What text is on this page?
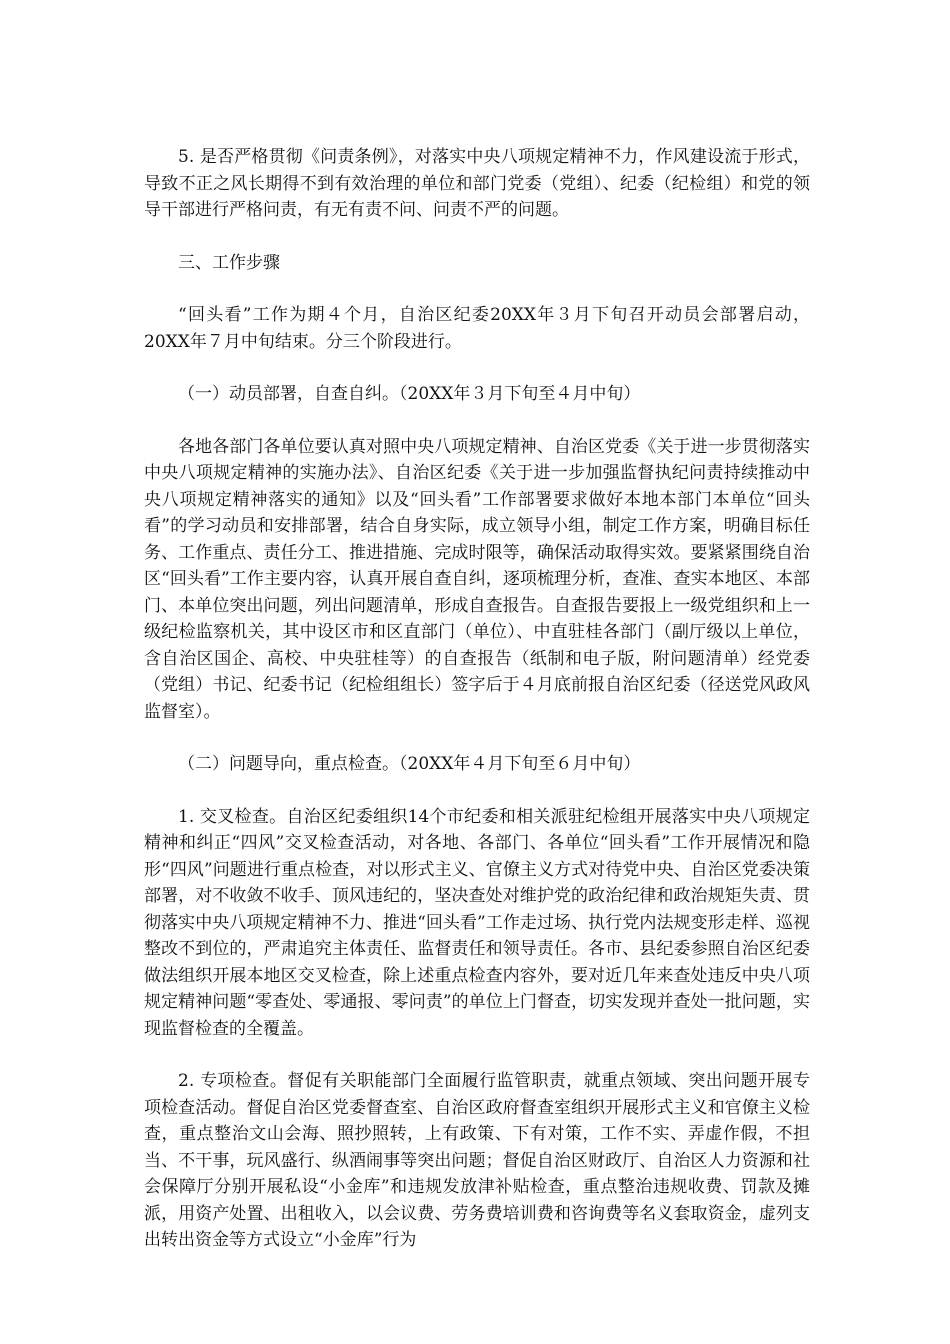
5. 是否严格贯彻《问责条例》，对落实中央八项规定精神不力，作风建设流于形式，导致不正之风长期得不到有效治理的单位和部门党委（党组）、纪委（纪检组）和党的领导干部进行严格问责，有无有责不问、问责不严的问题。

三、工作步骤

“回头看”工作为期４个月，自治区纪委20XX年３月下旬召开动员会部署启动，20XX年７月中旬结束。分三个阶段进行。

（一）动员部署，自查自纠。（20XX年３月下旬至４月中旬）

各地各部门各单位要认真对照中央八项规定精神、自治区党委《关于进一步贯彻落实中央八项规定精神的实施办法》、自治区纪委《关于进一步加强监督执纪问责持续推动中央八项规定精神落实的通知》以及“回头看”工作部署要求做好本地本部门本单位“回头看”的学习动员和安排部署，结合自身实际，成立领导小组，制定工作方案，明确目标任务、工作重点、责任分工、推进措施、完成时限等，确保活动取得实效。要紧紧围绕自治区“回头看”工作主要内容，认真开展自查自纠，逐项梳理分析，查准、查实本地区、本部门、本单位突出问题，列出问题清单，形成自查报告。自查报告要报上一级党组织和上一级纪检监察机关，其中设区市和区直部门（单位）、中直驻桂各部门（副厅级以上单位，含自治区国企、高校、中央驻桂等）的自查报告（纸制和电子版，附问题清单）经党委（党组）书记、纪委书记（纪检组组长）签字后于４月底前报自治区纪委（径送党风政风监督室）。

（二）问题导向，重点检查。（20XX年４月下旬至６月中旬）

1. 交叉检查。自治区纪委组织14个市纪委和相关派驻纪检组开展落实中央八项规定精神和纠正“四风”交叉检查活动，对各地、各部门、各单位“回头看”工作开展情况和隐形“四风”问题进行重点检查，对以形式主义、官僚主义方式对待党中央、自治区党委决策部署，对不收敛不收手、顶风违纪的，坚决查处对维护党的政治纪律和政治规矩失责、贯彻落实中央八项规定精神不力、推进“回头看”工作走过场、执行党内法规变形走样、巡视整改不到位的，严肃追究主体责任、监督责任和领导责任。各市、县纪委参照自治区纪委做法组织开展本地区交叉检查，除上述重点检查内容外，要对近几年来查处违反中央八项规定精神问题“零查处、零通报、零问责”的单位上门督查，切实发现并查处一批问题，实现监督检查的全覆盖。

2. 专项检查。督促有关职能部门全面履行监管职责，就重点领域、突出问题开展专项检查活动。督促自治区党委督查室、自治区政府督查室组织开展形式主义和官僚主义检查，重点整治文山会海、照抄照转，上有政策、下有对策，工作不实、弄虚作假，不担当、不干事，玩风盛行、纵酒闹事等突出问题；督促自治区财政厅、自治区人力资源和社会保障厅分别开展私设“小金库”和违规发放津补贴检查，重点整治违规收费、罚款及摊派，用资产处置、出租收入，以会议费、劳务费培训费和咨询费等名义套取资金，虚列支出转出资金等方式设立“小金库”行为
